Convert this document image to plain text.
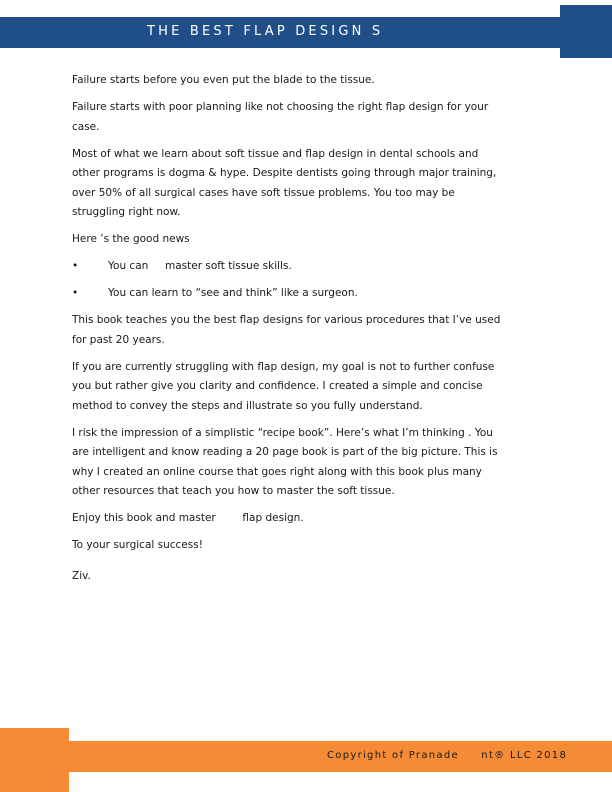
THE BEST FLAP DESIGN S

Failure starts before you even put the blade to the tissue.

Failure starts with poor planning like not choosing the right flap design for your
case.

Most of what we learn about soft tissue and flap design in dental schools and
other programs is dogma & hype. Despite dentists going through major training,
over 50% of all surgical cases have soft tissue problems. You too may be
struggling right now.

Here ’s the good news

•	You can     master soft tissue skills.
•	You can learn to “see and think” like a surgeon.

This book teaches you the best flap designs for various procedures that I’ve used
for past 20 years.

If you are currently struggling with flap design, my goal is not to further confuse
you but rather give you clarity and confidence. I created a simple and concise
method to convey the steps and illustrate so you fully understand.

I risk the impression of a simplistic “recipe book”. Here’s what I’m thinking . You
are intelligent and know reading a 20 page book is part of the big picture. This is
why I created an online course that goes right along with this book plus many
other resources that teach you how to master the soft tissue.

Enjoy this book and master        flap design.

To your surgical success!

Ziv.
Copyright of Pranade     nt® LLC 2018
